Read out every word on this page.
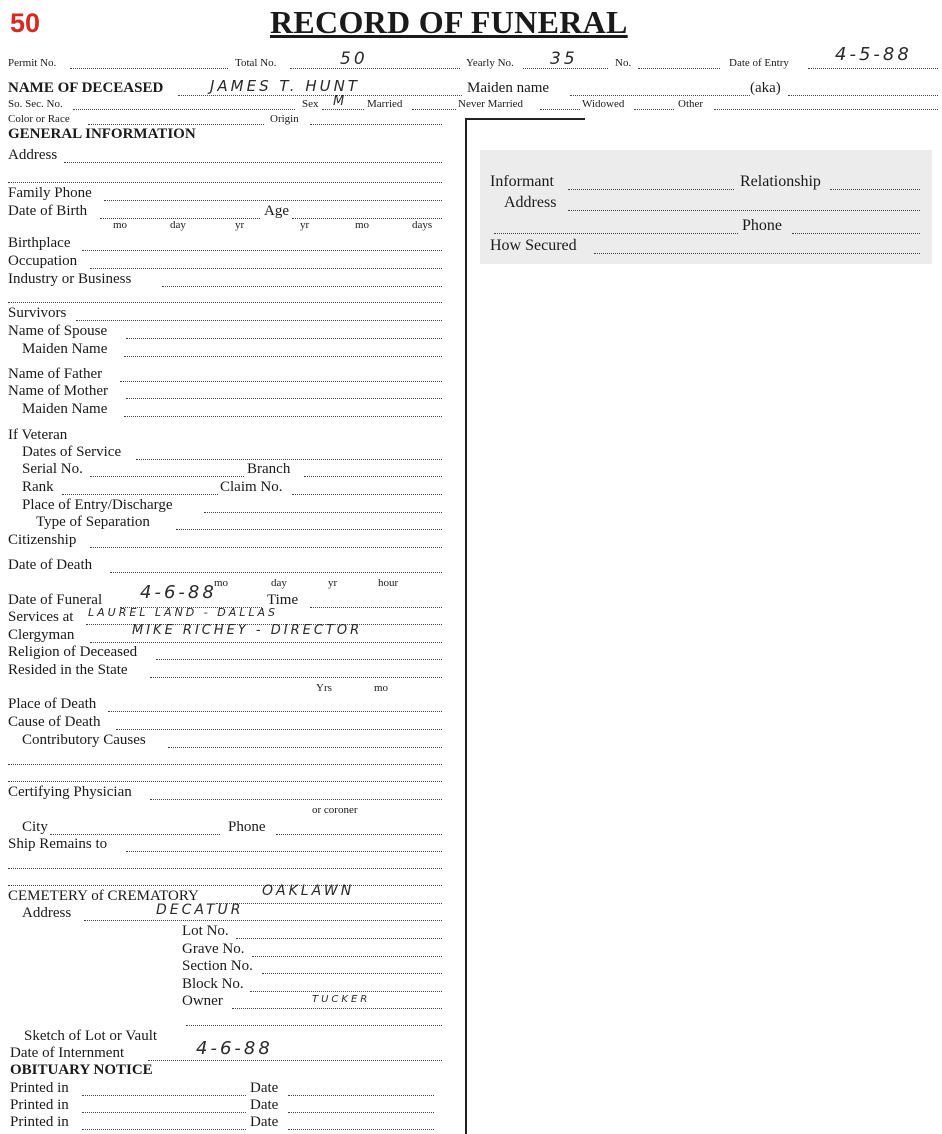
50	RECORD OF FUNERAL
Permit No.	Total No.	50	Yearly No. 35	No.	Date of Entry	4-5-88
NAME OF DECEASED	JAMES T. HUNT	Maiden name	(aka)
So. Sec. No.	Sex M Married	Never Married	Widowed	Other
Color or Race	Origin
GENERAL INFORMATION
Address
Family Phone
Date of Birth	Age
mo	day	yr	yr	mo	days
Birthplace
Occupation
Industry or Business
Survivors
Name of Spouse
Maiden Name
Name of Father
Name of Mother
Maiden Name
If Veteran
Dates of Service
Serial No.	Branch
Rank	Claim No.
Place of Entry/Discharge
Type of Separation
Citizenship
Date of Death
mo	day	yr	hour
Date of Funeral 4-6-88	Time
Services at LAUREL LAND - DALLAS
Clergyman	MIKE RICHEY - DIRECTOR
Religion of Deceased
Resided in the State
Yrs	mo
Place of Death
Cause of Death
Contributory Causes
Certifying Physician
or coroner
City	Phone
Ship Remains to
CEMETERY of CREMATORY	OAKLAWN
Address	DECATUR
Lot No.
Grave No.
Section No.
Block No.
Owner	TUCKER
Sketch of Lot or Vault
Date of Internment	4-6-88
OBITUARY NOTICE
Printed in	Date
Printed in	Date
Printed in	Date
Informant	Relationship
Address
Phone
How Secured
